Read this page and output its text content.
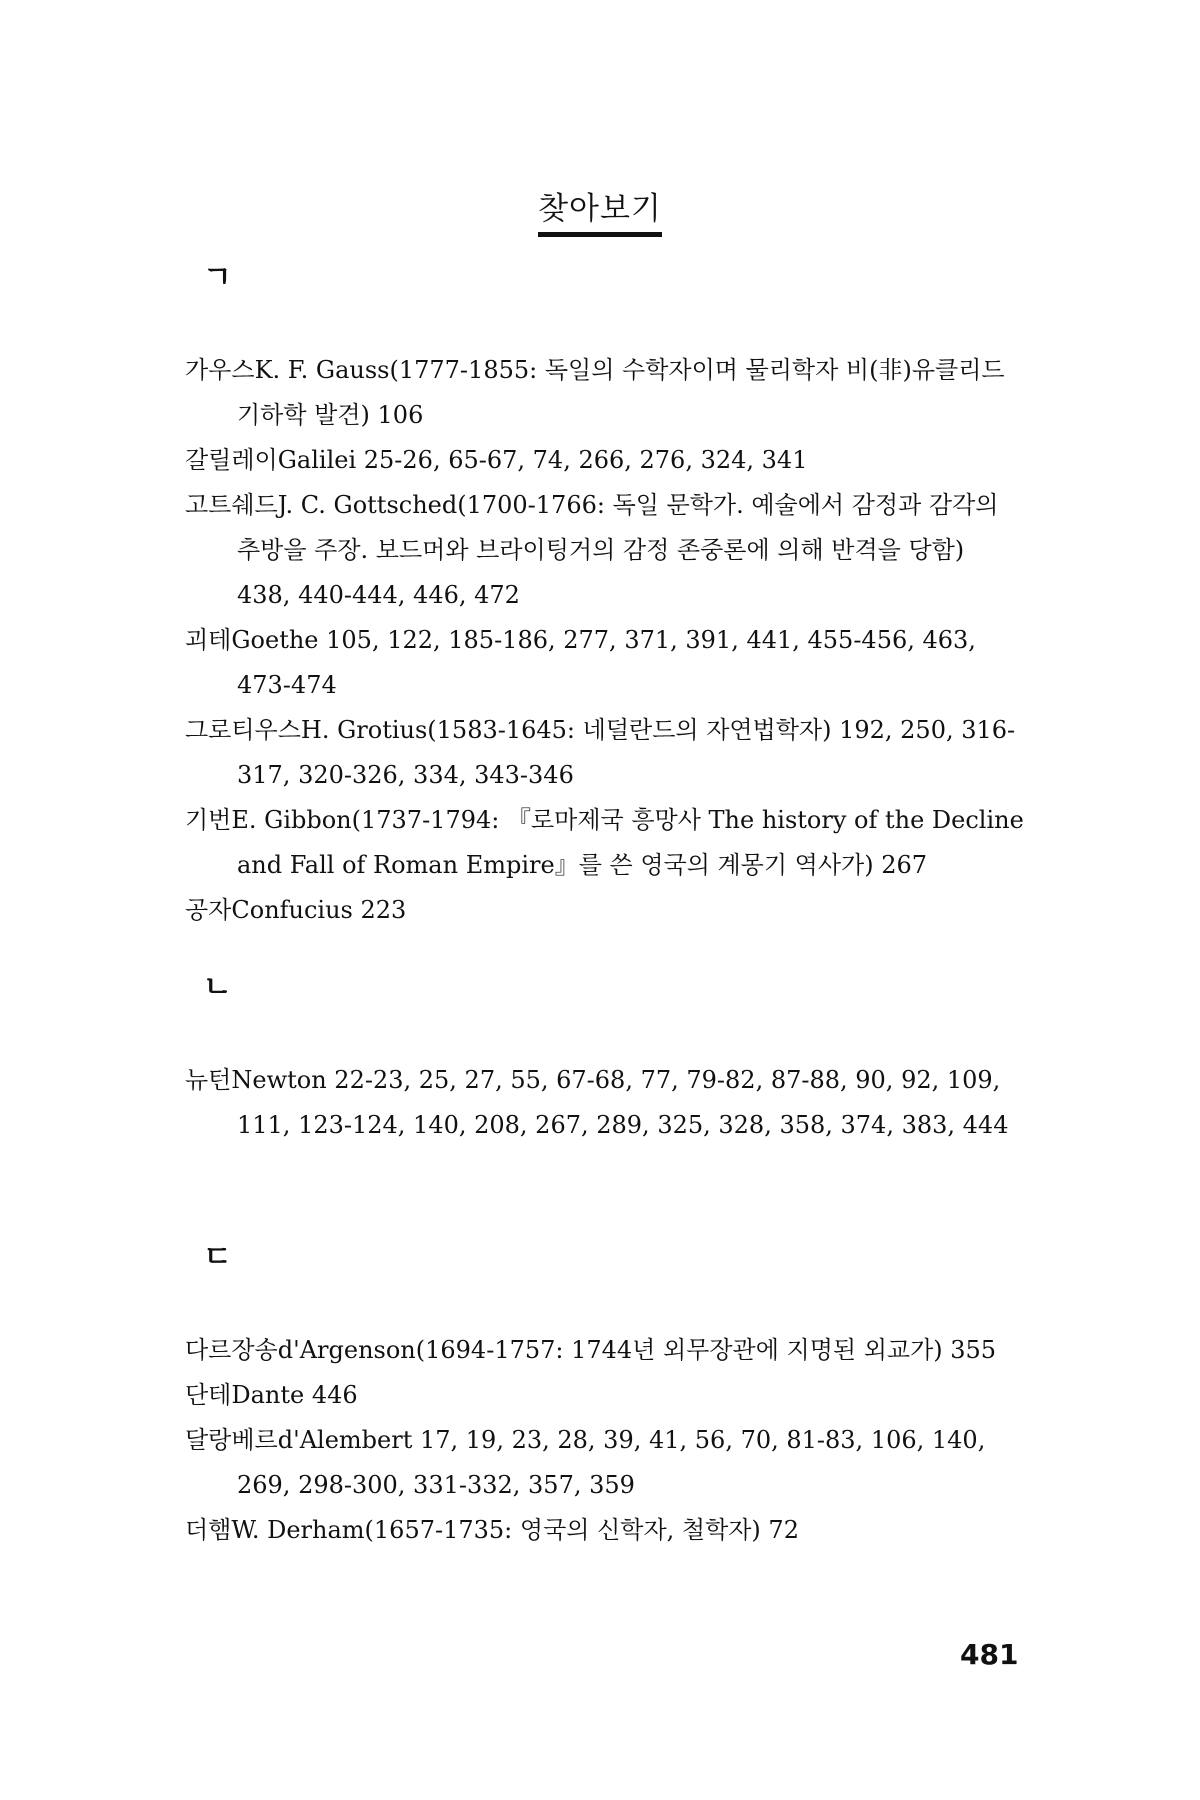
찾아보기
ㄱ

가우스K. F. Gauss(1777-1855: 독일의 수학자이며 물리학자 비(非)유클리드 기하학 발견) 106

갈릴레이Galilei 25-26, 65-67, 74, 266, 276, 324, 341

고트쉐드J. C. Gottsched(1700-1766: 독일 문학가. 예술에서 감정과 감각의 추방을 주장. 보드머와 브라이팅거의 감정 존중론에 의해 반격을 당함) 438, 440-444, 446, 472

괴테Goethe 105, 122, 185-186, 277, 371, 391, 441, 455-456, 463, 473-474

그로티우스H. Grotius(1583-1645: 네덜란드의 자연법학자) 192, 250, 316-317, 320-326, 334, 343-346

기번E. Gibbon(1737-1794: 『로마제국 흥망사 The history of the Decline and Fall of Roman Empire』를 쓴 영국의 계몽기 역사가) 267

공자Confucius 223

ㄴ

뉴턴Newton 22-23, 25, 27, 55, 67-68, 77, 79-82, 87-88, 90, 92, 109, 111, 123-124, 140, 208, 267, 289, 325, 328, 358, 374, 383, 444

ㄷ

다르장송d'Argenson(1694-1757: 1744년 외무장관에 지명된 외교가) 355

단테Dante 446

달랑베르d'Alembert 17, 19, 23, 28, 39, 41, 56, 70, 81-83, 106, 140, 269, 298-300, 331-332, 357, 359

더햄W. Derham(1657-1735: 영국의 신학자, 철학자) 72

481
